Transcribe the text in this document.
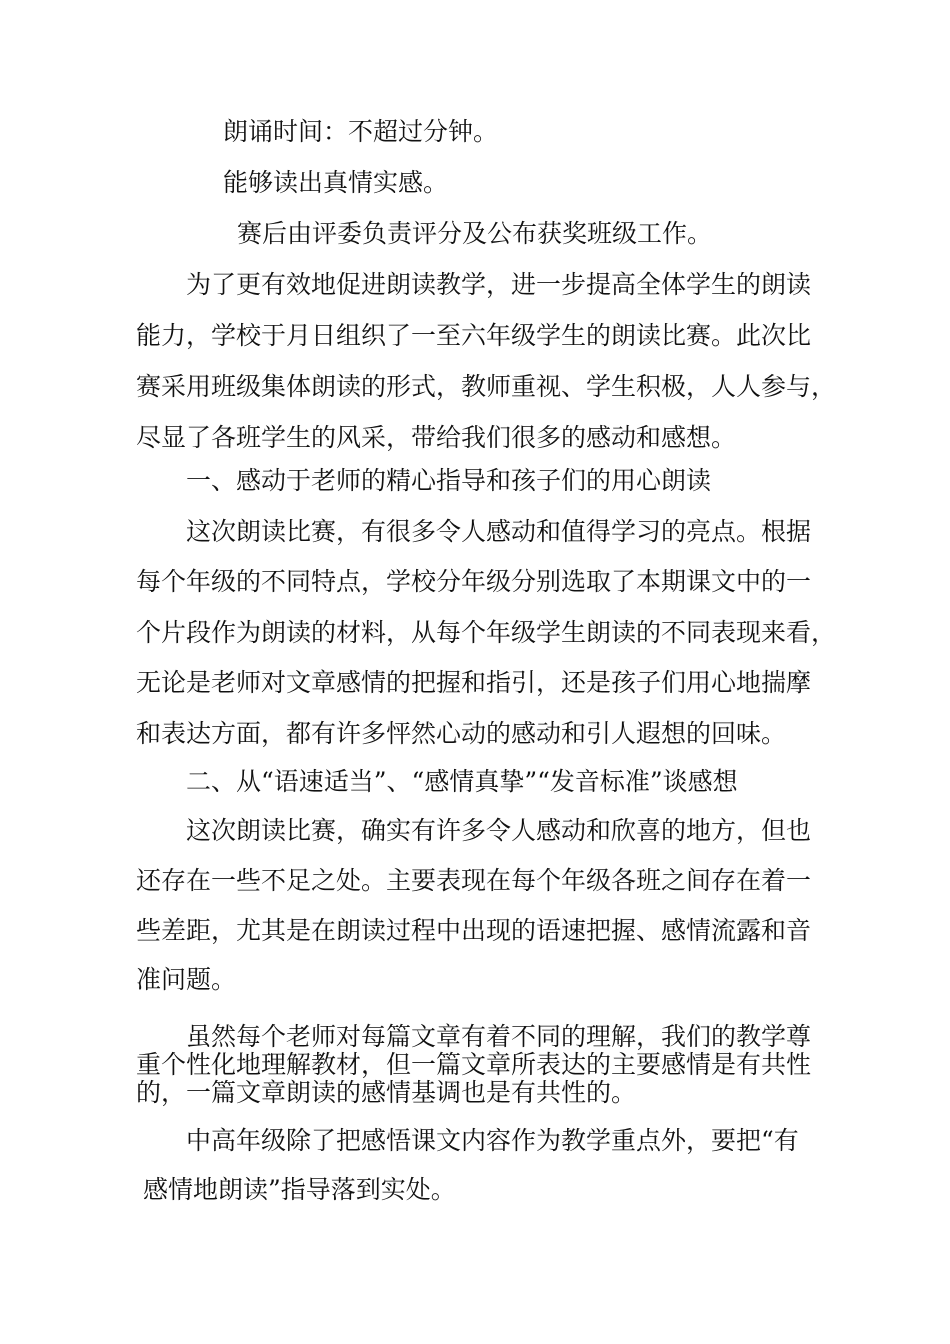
朗诵时间：不超过分钟。

能够读出真情实感。

赛后由评委负责评分及公布获奖班级工作。

为了更有效地促进朗读教学，进一步提高全体学生的朗读

能力，学校于月日组织了一至六年级学生的朗读比赛。此次比

赛采用班级集体朗读的形式，教师重视、学生积极，人人参与，

尽显了各班学生的风采，带给我们很多的感动和感想。

一、感动于老师的精心指导和孩子们的用心朗读

这次朗读比赛，有很多令人感动和值得学习的亮点。根据

每个年级的不同特点，学校分年级分别选取了本期课文中的一

个片段作为朗读的材料，从每个年级学生朗读的不同表现来看，

无论是老师对文章感情的把握和指引，还是孩子们用心地揣摩

和表达方面，都有许多怦然心动的感动和引人遐想的回味。

二、从“语速适当”、“感情真挚”“发音标准”谈感想

这次朗读比赛，确实有许多令人感动和欣喜的地方，但也

还存在一些不足之处。主要表现在每个年级各班之间存在着一

些差距，尤其是在朗读过程中出现的语速把握、感情流露和音

准问题。

虽然每个老师对每篇文章有着不同的理解，我们的教学尊

重个性化地理解教材，但一篇文章所表达的主要感情是有共性

的，一篇文章朗读的感情基调也是有共性的。

中高年级除了把感悟课文内容作为教学重点外，要把“有

感情地朗读”指导落到实处。
